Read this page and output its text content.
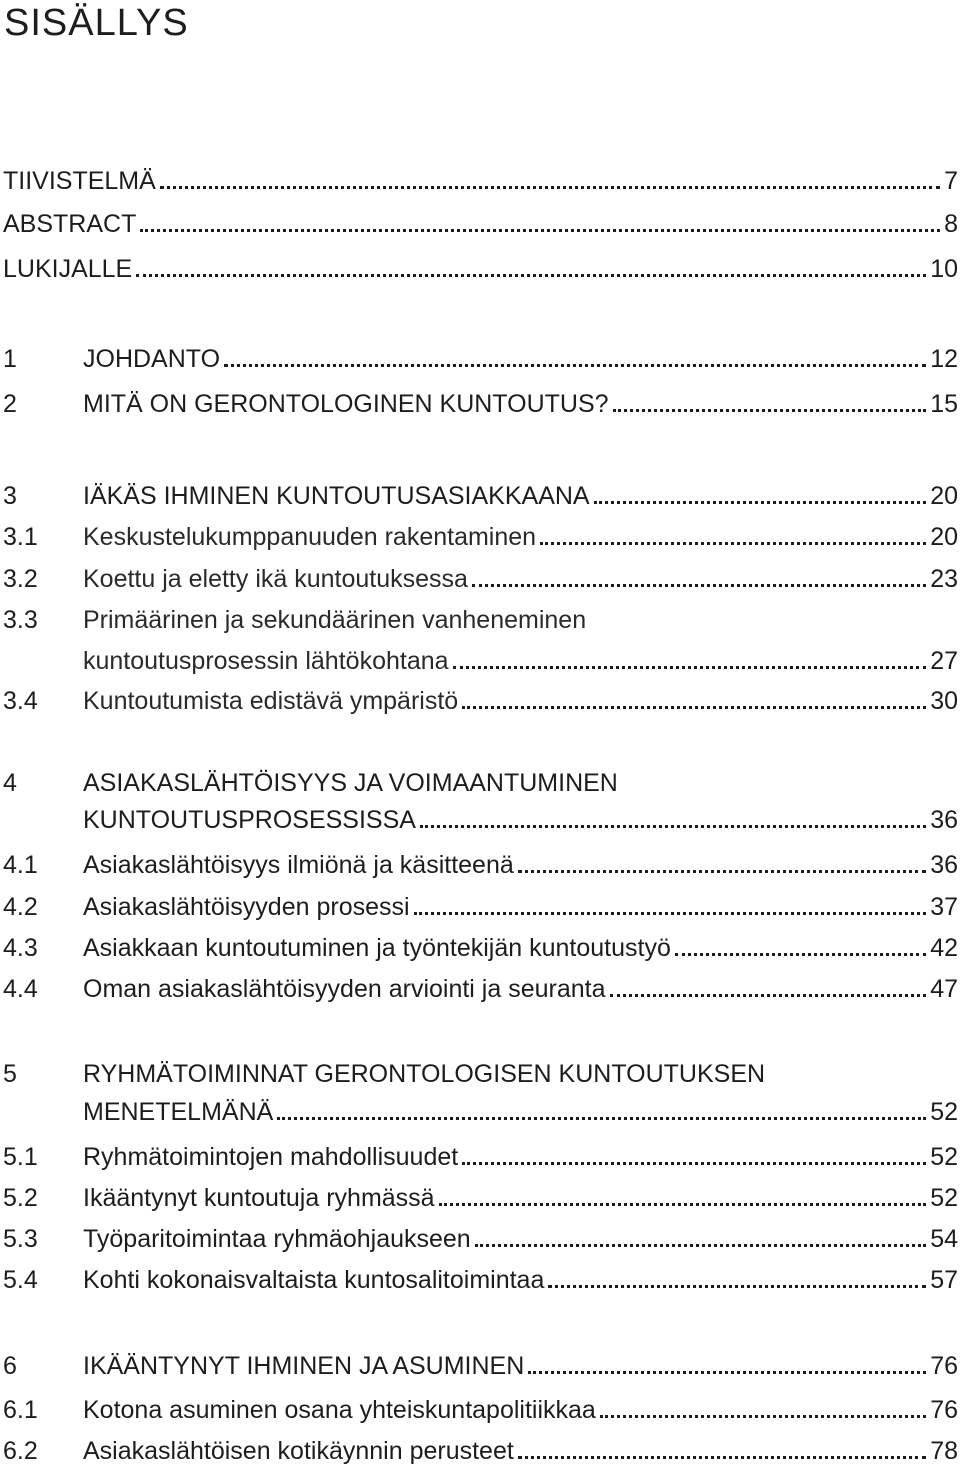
SISÄLLYS
TIIVISTELMÄ	7
ABSTRACT	8
LUKIJALLE	10
1	JOHDANTO	12
2	MITÄ ON GERONTOLOGINEN KUNTOUTUS?	15
3	IÄKÄS IHMINEN KUNTOUTUSASIAKKAANA	20
3.1	Keskustelukumppanuuden rakentaminen	20
3.2	Koettu ja eletty ikä kuntoutuksessa	23
3.3	Primäärinen ja sekundäärinen vanheneminen
kuntoutusprosessin lähtökohtana	27
3.4	Kuntoutumista edistävä ympäristö	30
4	ASIAKASLÄHTÖISYYS JA VOIMAANTUMINEN
KUNTOUTUSPROSESSISSA	36
4.1	Asiakaslähtöisyys ilmiönä ja käsitteenä	36
4.2	Asiakaslähtöisyyden prosessi	37
4.3	Asiakkaan kuntoutuminen ja työntekijän kuntoutustyö	42
4.4	Oman asiakaslähtöisyyden arviointi ja seuranta	47
5	RYHMÄTOIMINNAT GERONTOLOGISEN KUNTOUTUKSEN
MENETELMÄNÄ	52
5.1	Ryhmätoimintojen mahdollisuudet	52
5.2	Ikääntynyt kuntoutuja ryhmässä	52
5.3	Työparitoimintaa ryhmäohjaukseen	54
5.4	Kohti kokonaisvaltaista kuntosalitoimintaa	57
6	IKÄÄNTYNYT IHMINEN JA ASUMINEN	76
6.1	Kotona asuminen osana yhteiskuntapolitiikkaa	76
6.2	Asiakaslähtöisen kotikäynnin perusteet	78
